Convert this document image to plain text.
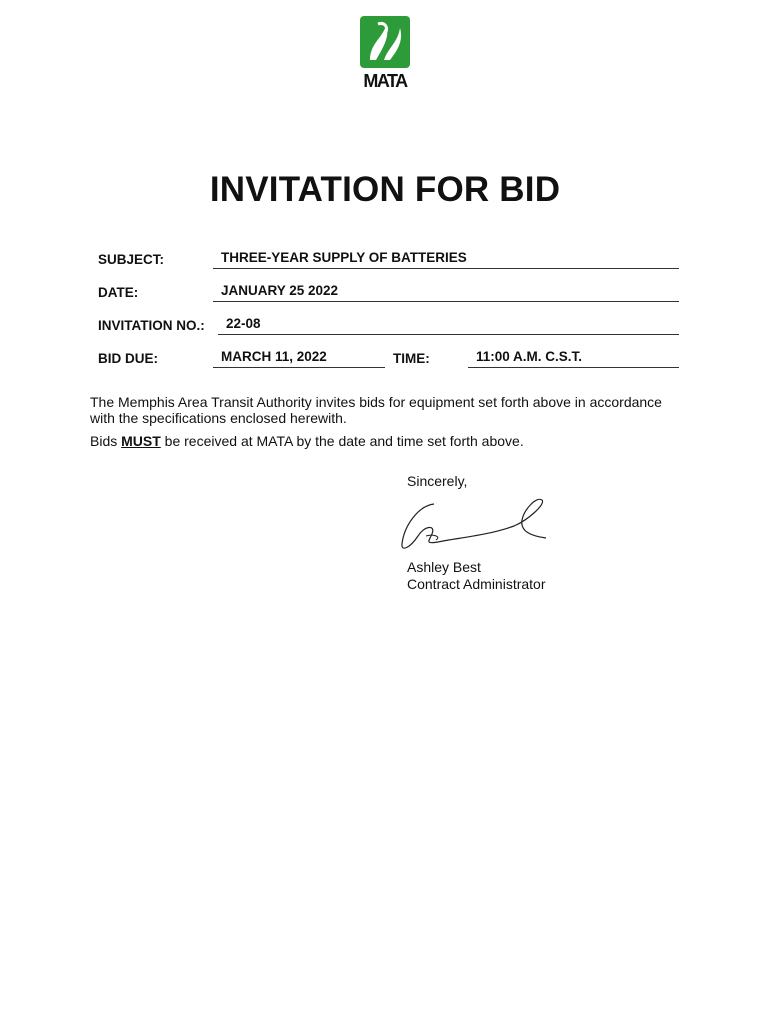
MATA
INVITATION FOR BID
SUBJECT:	THREE-YEAR SUPPLY OF BATTERIES
DATE:	JANUARY 25 2022
INVITATION NO.:	22-08
BID DUE:	MARCH 11, 2022	TIME:	11:00 A.M. C.S.T.
The Memphis Area Transit Authority invites bids for equipment set forth above in accordance with the specifications enclosed herewith.
Bids MUST be received at MATA by the date and time set forth above.
Sincerely,
Ashley Best
Contract Administrator
